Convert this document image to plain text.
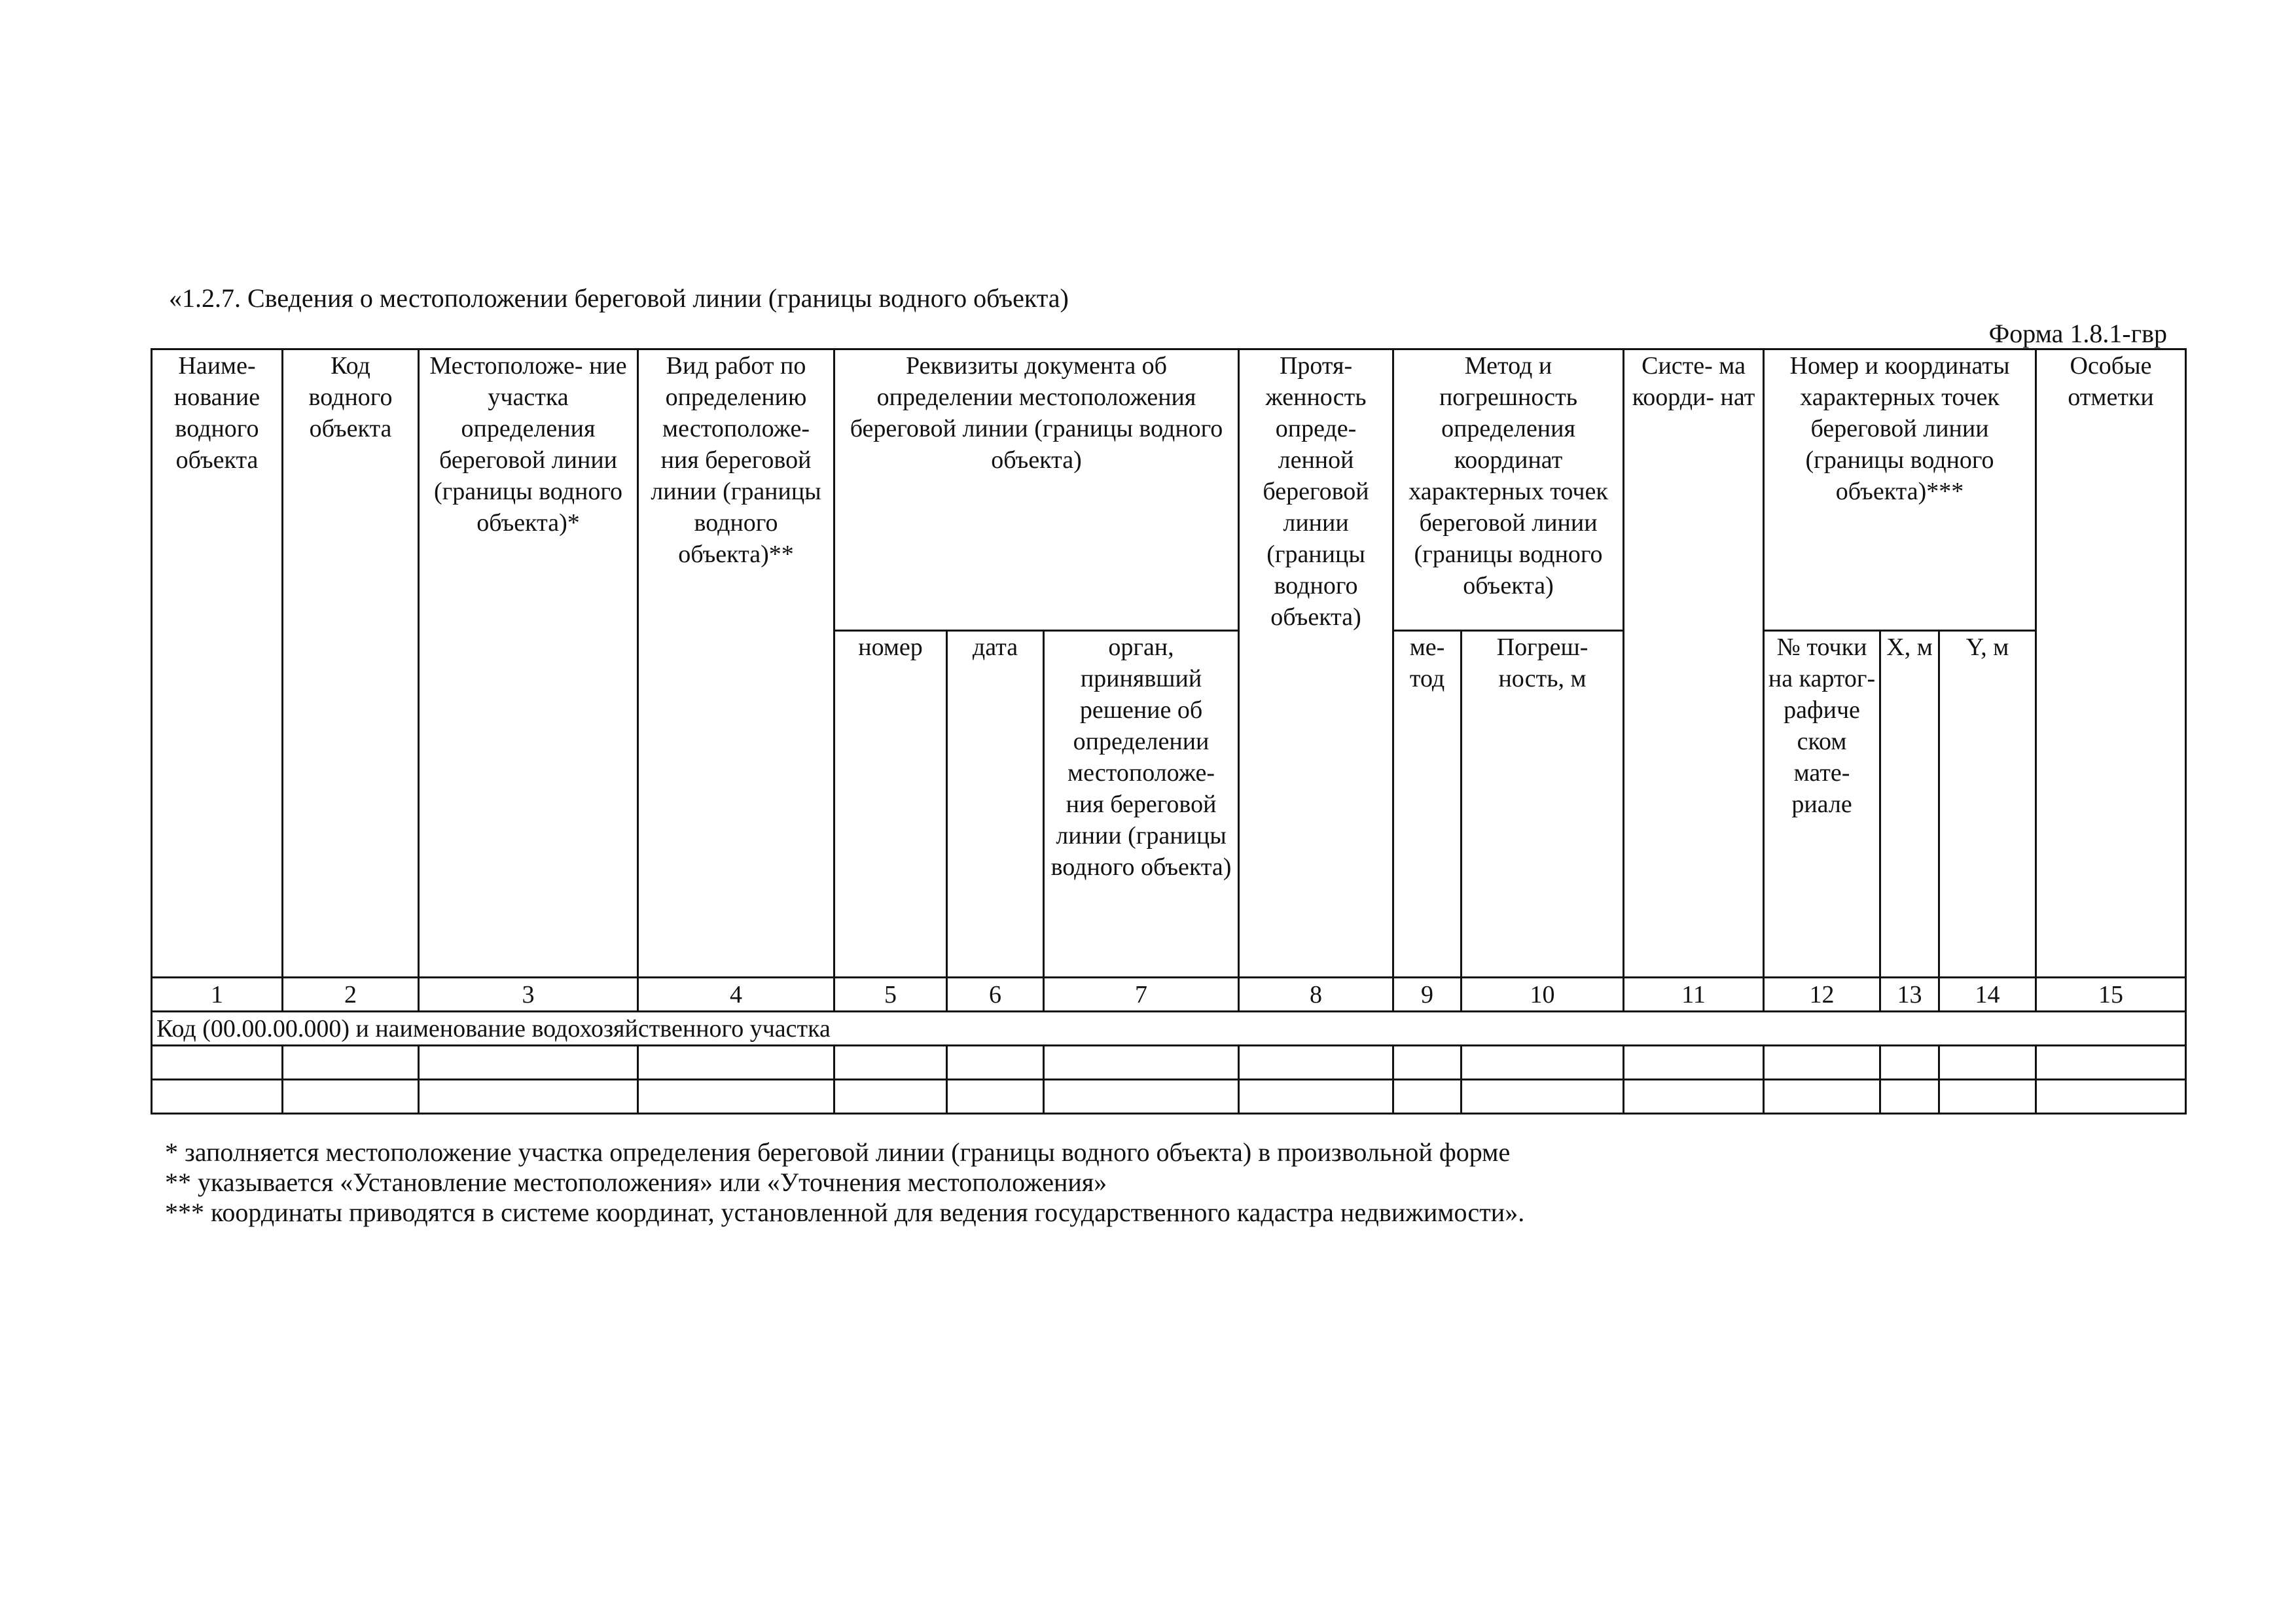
«1.2.7. Сведения о местоположении береговой линии (границы водного объекта)
Форма 1.8.1-гвр
Наиме- нование водного объекта	Код водного объекта	Местоположе- ние участка определения береговой линии (границы водного объекта)*	Вид работ по определению местоположе- ния береговой линии (границы водного объекта)**	Реквизиты документа об определении местоположения береговой линии (границы водного объекта)			Протя- женность опреде- ленной береговой линии (границы водного объекта)	Метод и погрешность определения координат характерных точек береговой линии (границы водного объекта)		Систе- ма коорди- нат	Номер и координаты характерных точек береговой линии (границы водного объекта)***			Особые отметки
				номер	дата	орган, принявший решение об определении местоположе- ния береговой линии (границы водного объекта)		ме- тод	Погреш- ность, м		№ точки на картог- рафиче ском мате- риале	X, м	Y, м	
1	2	3	4	5	6	7	8	9	10	11	12	13	14	15
Код (00.00.00.000) и наименование водохозяйственного участка														

* заполняется местоположение участка определения береговой линии (границы водного объекта) в произвольной форме
** указывается «Установление местоположения» или «Уточнения местоположения»
*** координаты приводятся в системе координат, установленной для ведения государственного кадастра недвижимости».
